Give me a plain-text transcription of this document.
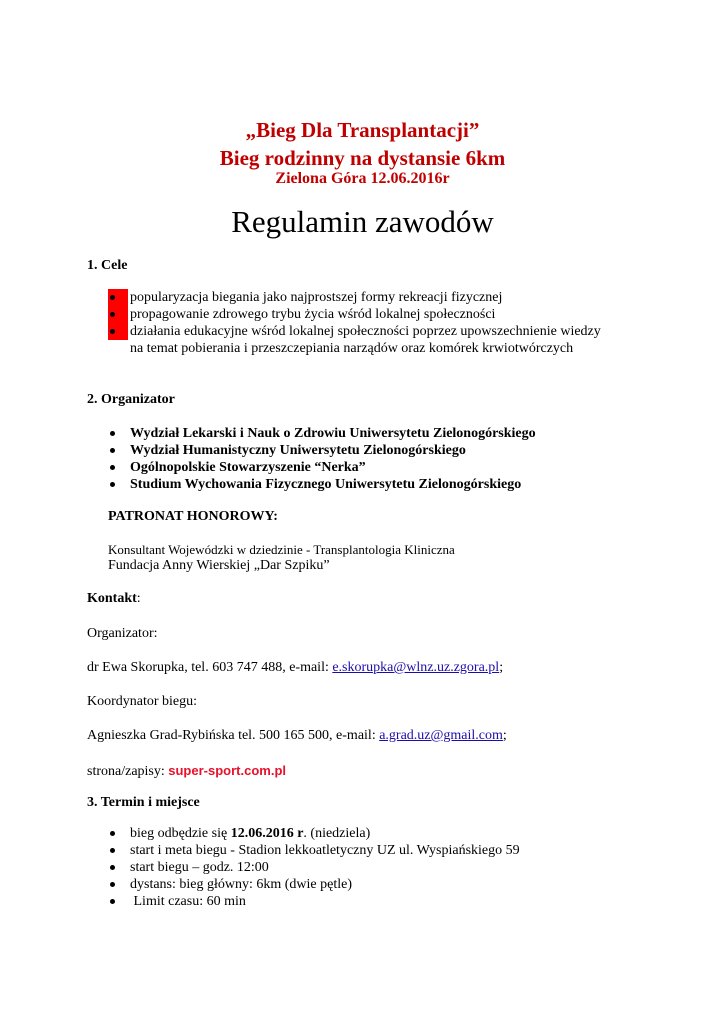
„Bieg Dla Transplantacji”
Bieg rodzinny na dystansie 6km
Zielona Góra 12.06.2016r
Regulamin zawodów
1. Cele
popularyzacja biegania jako najprostszej formy rekreacji fizycznej
propagowanie zdrowego trybu życia wśród lokalnej społeczności
działania edukacyjne wśród lokalnej społeczności poprzez upowszechnienie wiedzy
na temat pobierania i przeszczepiania narządów oraz komórek krwiotwórczych
2. Organizator
Wydział Lekarski i Nauk o Zdrowiu Uniwersytetu Zielonogórskiego
Wydział Humanistyczny Uniwersytetu Zielonogórskiego
Ogólnopolskie Stowarzyszenie “Nerka”
Studium Wychowania Fizycznego Uniwersytetu Zielonogórskiego
PATRONAT HONOROWY:
Konsultant Wojewódzki w dziedzinie - Transplantologia Kliniczna
Fundacja Anny Wierskiej „Dar Szpiku”
Kontakt:
Organizator:
dr Ewa Skorupka, tel. 603 747 488, e-mail: e.skorupka@wlnz.uz.zgora.pl;
Koordynator biegu:
Agnieszka Grad-Rybińska tel. 500 165 500, e-mail: a.grad.uz@gmail.com;
strona/zapisy: super-sport.com.pl
3. Termin i miejsce
bieg odbędzie się 12.06.2016 r. (niedziela)
start i meta biegu - Stadion lekkoatletyczny UZ ul. Wyspiańskiego 59
start biegu – godz. 12:00
dystans: bieg główny: 6km (dwie pętle)
Limit czasu: 60 min
